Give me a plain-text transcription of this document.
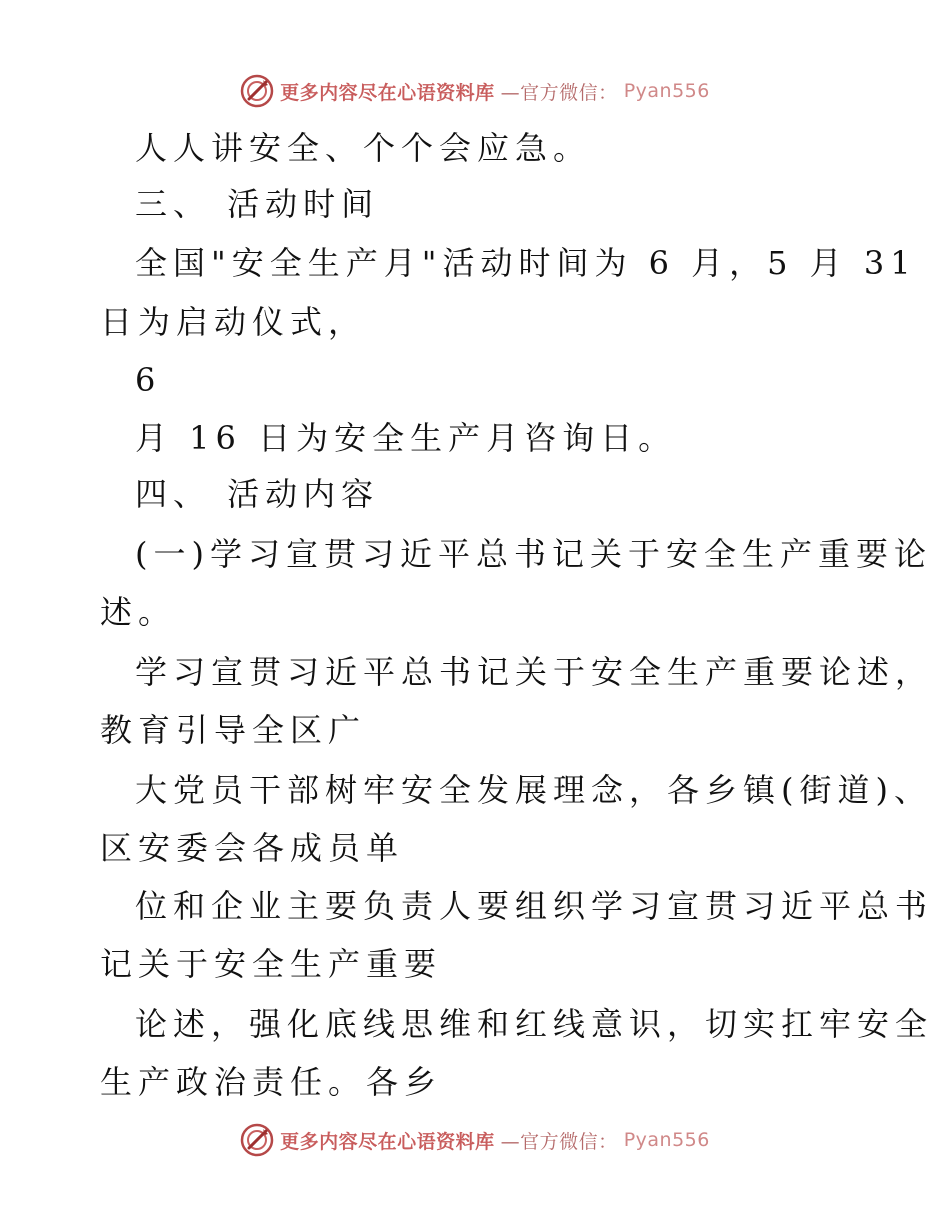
更多内容尽在心语资料库 —官方微信： Pyan556
人人讲安全、个个会应急。
三、 活动时间
全国"安全生产月"活动时间为 6 月，5 月 31
日为启动仪式，
6
月 16 日为安全生产月咨询日。
四、 活动内容
(一)学习宣贯习近平总书记关于安全生产重要论
述。
学习宣贯习近平总书记关于安全生产重要论述，
教育引导全区广
大党员干部树牢安全发展理念，各乡镇(街道)、
区安委会各成员单
位和企业主要负责人要组织学习宣贯习近平总书
记关于安全生产重要
论述，强化底线思维和红线意识，切实扛牢安全
生产政治责任。各乡
更多内容尽在心语资料库 —官方微信： Pyan556
